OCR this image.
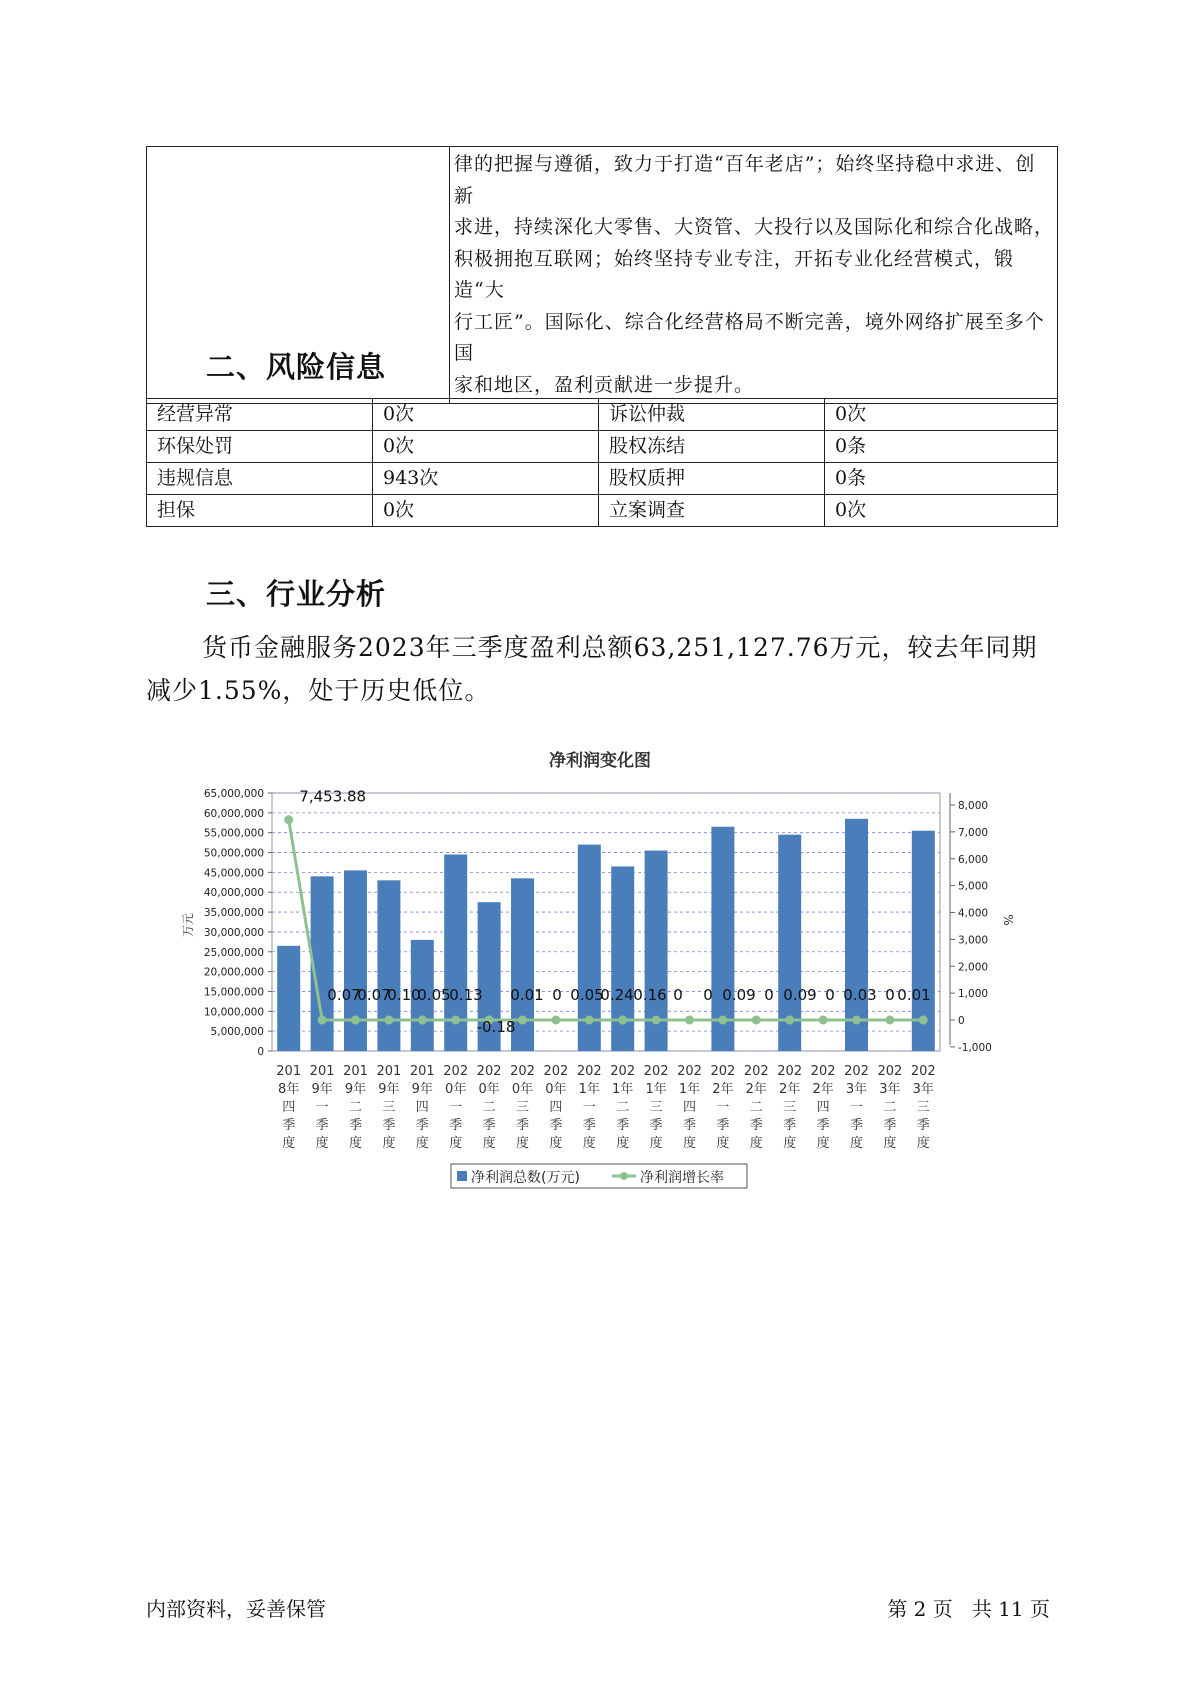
律的把握与遵循，致力于打造“百年老店”；始终坚持稳中求进、创新
求进，持续深化大零售、大资管、大投行以及国际化和综合化战略，
积极拥抱互联网；始终坚持专业专注，开拓专业化经营模式，锻造“大
行工匠”。国际化、综合化经营格局不断完善，境外网络扩展至多个国
家和地区，盈利贡献进一步提升。
二、风险信息
经营异常	0次	诉讼仲裁	0次
环保处罚	0次	股权冻结	0条
违规信息	943次	股权质押	0条
担保	0次	立案调查	0次
三、行业分析
货币金融服务2023年三季度盈利总额63,251,127.76万元，较去年同期减少1.55%，处于历史低位。
净利润变化图
65,000,000
60,000,000
55,000,000
50,000,000
45,000,000
40,000,000
35,000,000
30,000,000
25,000,000
20,000,000
15,000,000
10,000,000
5,000,000
0
8,000
7,000
6,000
5,000
4,000
3,000
2,000
1,000
0
-1,000
201
8年
四
季
度
201
9年
一
季
度
201
9年
二
季
度
201
9年
三
季
度
201
9年
四
季
度
202
0年
一
季
度
202
0年
二
季
度
202
0年
三
季
度
202
0年
四
季
度
202
1年
一
季
度
202
1年
二
季
度
202
1年
三
季
度
202
1年
四
季
度
202
2年
一
季
度
202
2年
二
季
度
202
2年
三
季
度
202
2年
四
季
度
202
3年
一
季
度
202
3年
二
季
度
202
3年
三
季
度
7,453.88
0.07
0.07
0.10
0.05
0.13
-0.18
0.01 0 0.05
0.24 0.16 0 0 0.09 0 0.09 0 0.03 0 0.01
万元	%
净利润总数(万元)	净利润增长率
内部资料，妥善保管	第 2 页   共 11 页
